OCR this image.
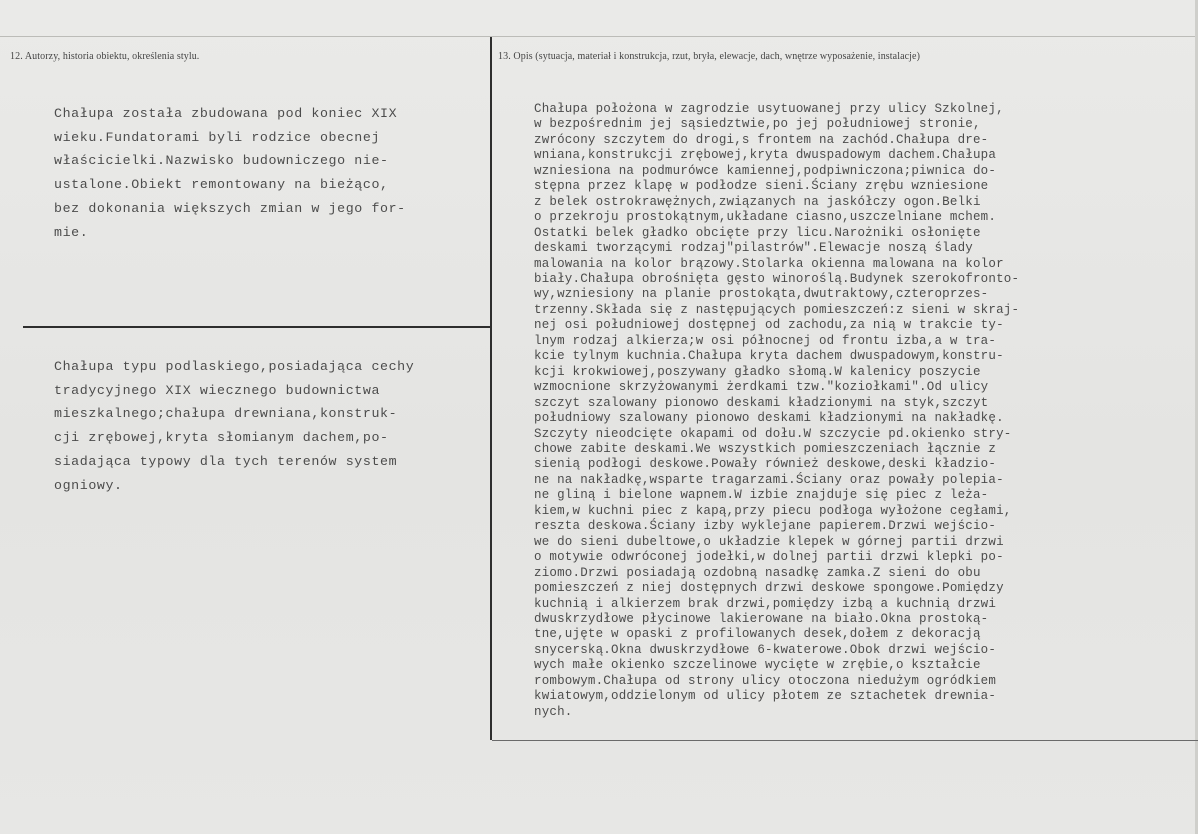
12. Autorzy, historia obiektu, określenia stylu.	13. Opis (sytuacja, materiał i konstrukcja, rzut, bryła, elewacje, dach, wnętrze wyposażenie, instalacje)
Chałupa została zbudowana pod koniec XIX
wieku.Fundatorami byli rodzice obecnej
właścicielki.Nazwisko budowniczego nie-
ustalone.Obiekt remontowany na bieżąco,
bez dokonania większych zmian w jego for-
mie.
Chałupa typu podlaskiego,posiadająca cechy
tradycyjnego XIX wiecznego budownictwa
mieszkalnego;chałupa drewniana,konstruk-
cji zrębowej,kryta słomianym dachem,po-
siadająca typowy dla tych terenów system
ogniowy.
Chałupa położona w zagrodzie usytuowanej przy ulicy Szkolnej,
w bezpośrednim jej sąsiedztwie,po jej południowej stronie,
zwrócony szczytem do drogi,s frontem na zachód.Chałupa dre-
wniana,konstrukcji zrębowej,kryta dwuspadowym dachem.Chałupa
wzniesiona na podmurówce kamiennej,podpiwniczona;piwnica do-
stępna przez klapę w podłodze sieni.Ściany zrębu wzniesione
z belek ostrokrawężnych,związanych na jaskółczy ogon.Belki
o przekroju prostokątnym,układane ciasno,uszczelniane mchem.
Ostatki belek gładko obcięte przy licu.Narożniki osłonięte
deskami tworzącymi rodzaj"pilastrów".Elewacje noszą ślady
malowania na kolor brązowy.Stolarka okienna malowana na kolor
biały.Chałupa obrośnięta gęsto winoroślą.Budynek szerokofronto-
wy,wzniesiony na planie prostokąta,dwutraktowy,czteroprzes-
trzenny.Składa się z następujących pomieszczeń:z sieni w skraj-
nej osi południowej dostępnej od zachodu,za nią w trakcie ty-
lnym rodzaj alkierza;w osi północnej od frontu izba,a w tra-
kcie tylnym kuchnia.Chałupa kryta dachem dwuspadowym,konstru-
kcji krokwiowej,poszywany gładko słomą.W kalenicy poszycie
wzmocnione skrzyżowanymi żerdkami tzw."koziołkami".Od ulicy
szczyt szalowany pionowo deskami kładzionymi na styk,szczyt
południowy szalowany pionowo deskami kładzionymi na nakładkę.
Szczyty nieodcięte okapami od dołu.W szczycie pd.okienko stry-
chowe zabite deskami.We wszystkich pomieszczeniach łącznie z
sienią podłogi deskowe.Powały również deskowe,deski kładzio-
ne na nakładkę,wsparte tragarzami.Ściany oraz powały polepia-
ne gliną i bielone wapnem.W izbie znajduje się piec z leża-
kiem,w kuchni piec z kapą,przy piecu podłoga wyłożone cegłami,
reszta deskowa.Ściany izby wyklejane papierem.Drzwi wejścio-
we do sieni dubeltowe,o układzie klepek w górnej partii drzwi
o motywie odwróconej jodełki,w dolnej partii drzwi klepki po-
ziomo.Drzwi posiadają ozdobną nasadkę zamka.Z sieni do obu
pomieszczeń z niej dostępnych drzwi deskowe spongowe.Pomiędzy
kuchnią i alkierzem brak drzwi,pomiędzy izbą a kuchnią drzwi
dwuskrzydłowe płycinowe lakierowane na biało.Okna prostoką-
tne,ujęte w opaski z profilowanych desek,dołem z dekoracją
snycerską.Okna dwuskrzydłowe 6-kwaterowe.Obok drzwi wejścio-
wych małe okienko szczelinowe wycięte w zrębie,o kształcie
rombowym.Chałupa od strony ulicy otoczona niedużym ogródkiem
kwiatowym,oddzielonym od ulicy płotem ze sztachetek drewnia-
nych.
